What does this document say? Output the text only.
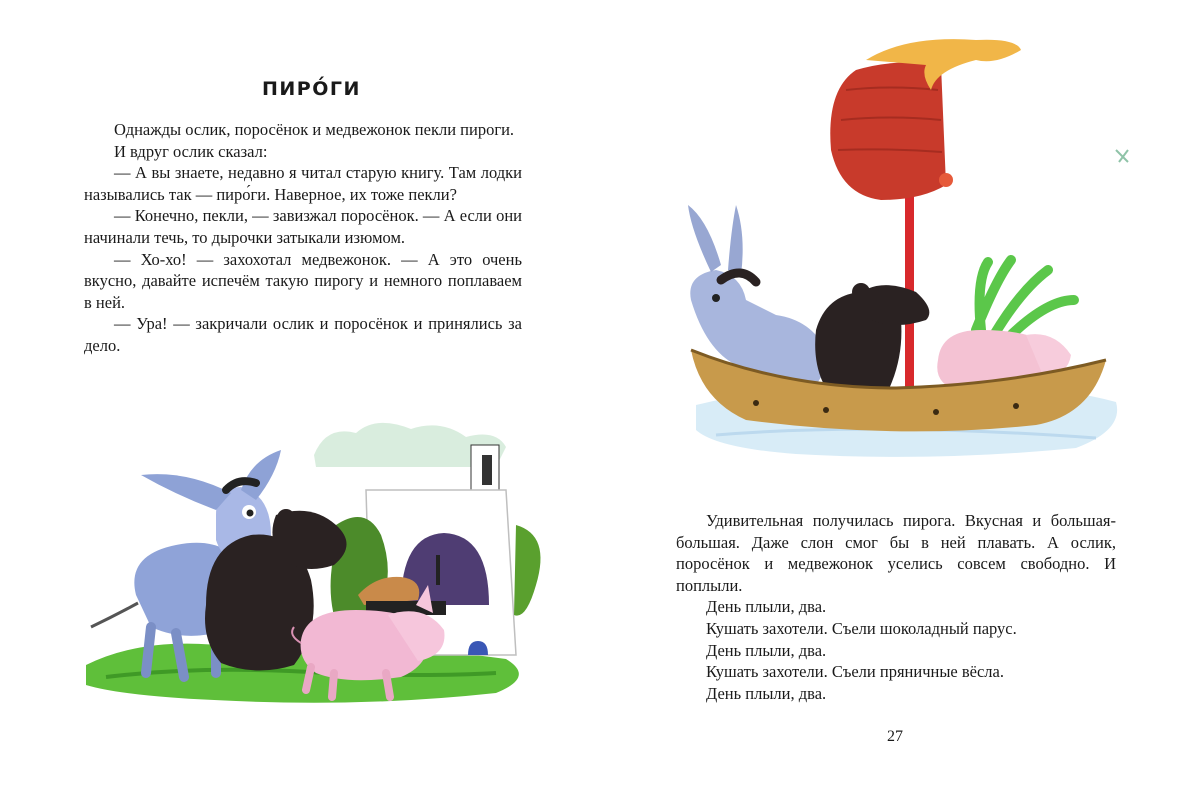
ПИРО́ГИ

Однажды ослик, поросёнок и медвежонок пекли пироги.

И вдруг ослик сказал:

— А вы знаете, недавно я читал старую книгу. Там лодки назывались так — пиро́ги. Наверное, их тоже пекли?

— Конечно, пекли, — завизжал поросёнок. — А если они начинали течь, то дырочки затыкали изюмом.

— Хо-хо! — захохотал медвежонок. — А это очень вкусно, давайте испечём такую пирогу и немного поплаваем в ней.

— Ура! — закричали ослик и поросёнок и принялись за дело.

Удивительная получилась пирога. Вкусная и большая-большая. Даже слон смог бы в ней плавать. А ослик, поросёнок и медвежонок уселись совсем свободно. И поплыли.

День плыли, два.

Кушать захотели. Съели шоколадный парус.

День плыли, два.

Кушать захотели. Съели пряничные вёсла.

День плыли, два.

27
